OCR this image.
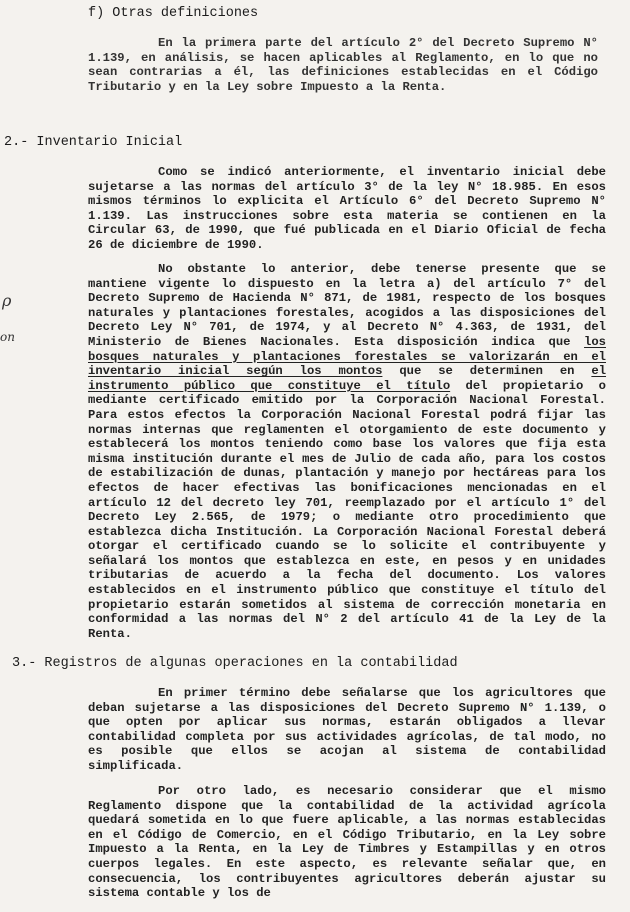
f) Otras definiciones

En la primera parte del artículo 2° del Decreto Supremo N° 1.139, en análisis, se hacen aplicables al Reglamento, en lo que no sean contrarias a él, las definiciones establecidas en el Código Tributario y en la Ley sobre Impuesto a la Renta.

2.- Inventario Inicial

Como se indicó anteriormente, el inventario inicial debe sujetarse a las normas del artículo 3° de la ley N° 18.985. En esos mismos términos lo explicita el Artículo 6° del Decreto Supremo N° 1.139. Las instrucciones sobre esta materia se contienen en la Circular 63, de 1990, que fué publicada en el Diario Oficial de fecha 26 de diciembre de 1990.

No obstante lo anterior, debe tenerse presente que se mantiene vigente lo dispuesto en la letra a) del artículo 7° del Decreto Supremo de Hacienda N° 871, de 1981, respecto de los bosques naturales y plantaciones forestales, acogidos a las disposiciones del Decreto Ley N° 701, de 1974, y al Decreto N° 4.363, de 1931, del Ministerio de Bienes Nacionales. Esta disposición indica que los bosques naturales y plantaciones forestales se valorizarán en el inventario inicial según los montos que se determinen en el instrumento público que constituye el título del propietario o mediante certificado emitido por la Corporación Nacional Forestal. Para estos efectos la Corporación Nacional Forestal podrá fijar las normas internas que reglamenten el otorgamiento de este documento y establecerá los montos teniendo como base los valores que fija esta misma institución durante el mes de Julio de cada año, para los costos de estabilización de dunas, plantación y manejo por hectáreas para los efectos de hacer efectivas las bonificaciones mencionadas en el artículo 12 del decreto ley 701, reemplazado por el artículo 1° del Decreto Ley 2.565, de 1979; o mediante otro procedimiento que establezca dicha Institución. La Corporación Nacional Forestal deberá otorgar el certificado cuando se lo solicite el contribuyente y señalará los montos que establezca en este, en pesos y en unidades tributarias de acuerdo a la fecha del documento. Los valores establecidos en el instrumento público que constituye el título del propietario estarán sometidos al sistema de corrección monetaria en conformidad a las normas del N° 2 del artículo 41 de la Ley de la Renta.

ρ
on
3.- Registros de algunas operaciones en la contabilidad

En primer término debe señalarse que los agricultores que deban sujetarse a las disposiciones del Decreto Supremo N° 1.139, o que opten por aplicar sus normas, estarán obligados a llevar contabilidad completa por sus actividades agrícolas, de tal modo, no es posible que ellos se acojan al sistema de contabilidad simplificada.

Por otro lado, es necesario considerar que el mismo Reglamento dispone que la contabilidad de la actividad agrícola quedará sometida en lo que fuere aplicable, a las normas establecidas en el Código de Comercio, en el Código Tributario, en la Ley sobre Impuesto a la Renta, en la Ley de Timbres y Estampillas y en otros cuerpos legales. En este aspecto, es relevante señalar que, en consecuencia, los contribuyentes agricultores deberán ajustar su sistema contable y los de
